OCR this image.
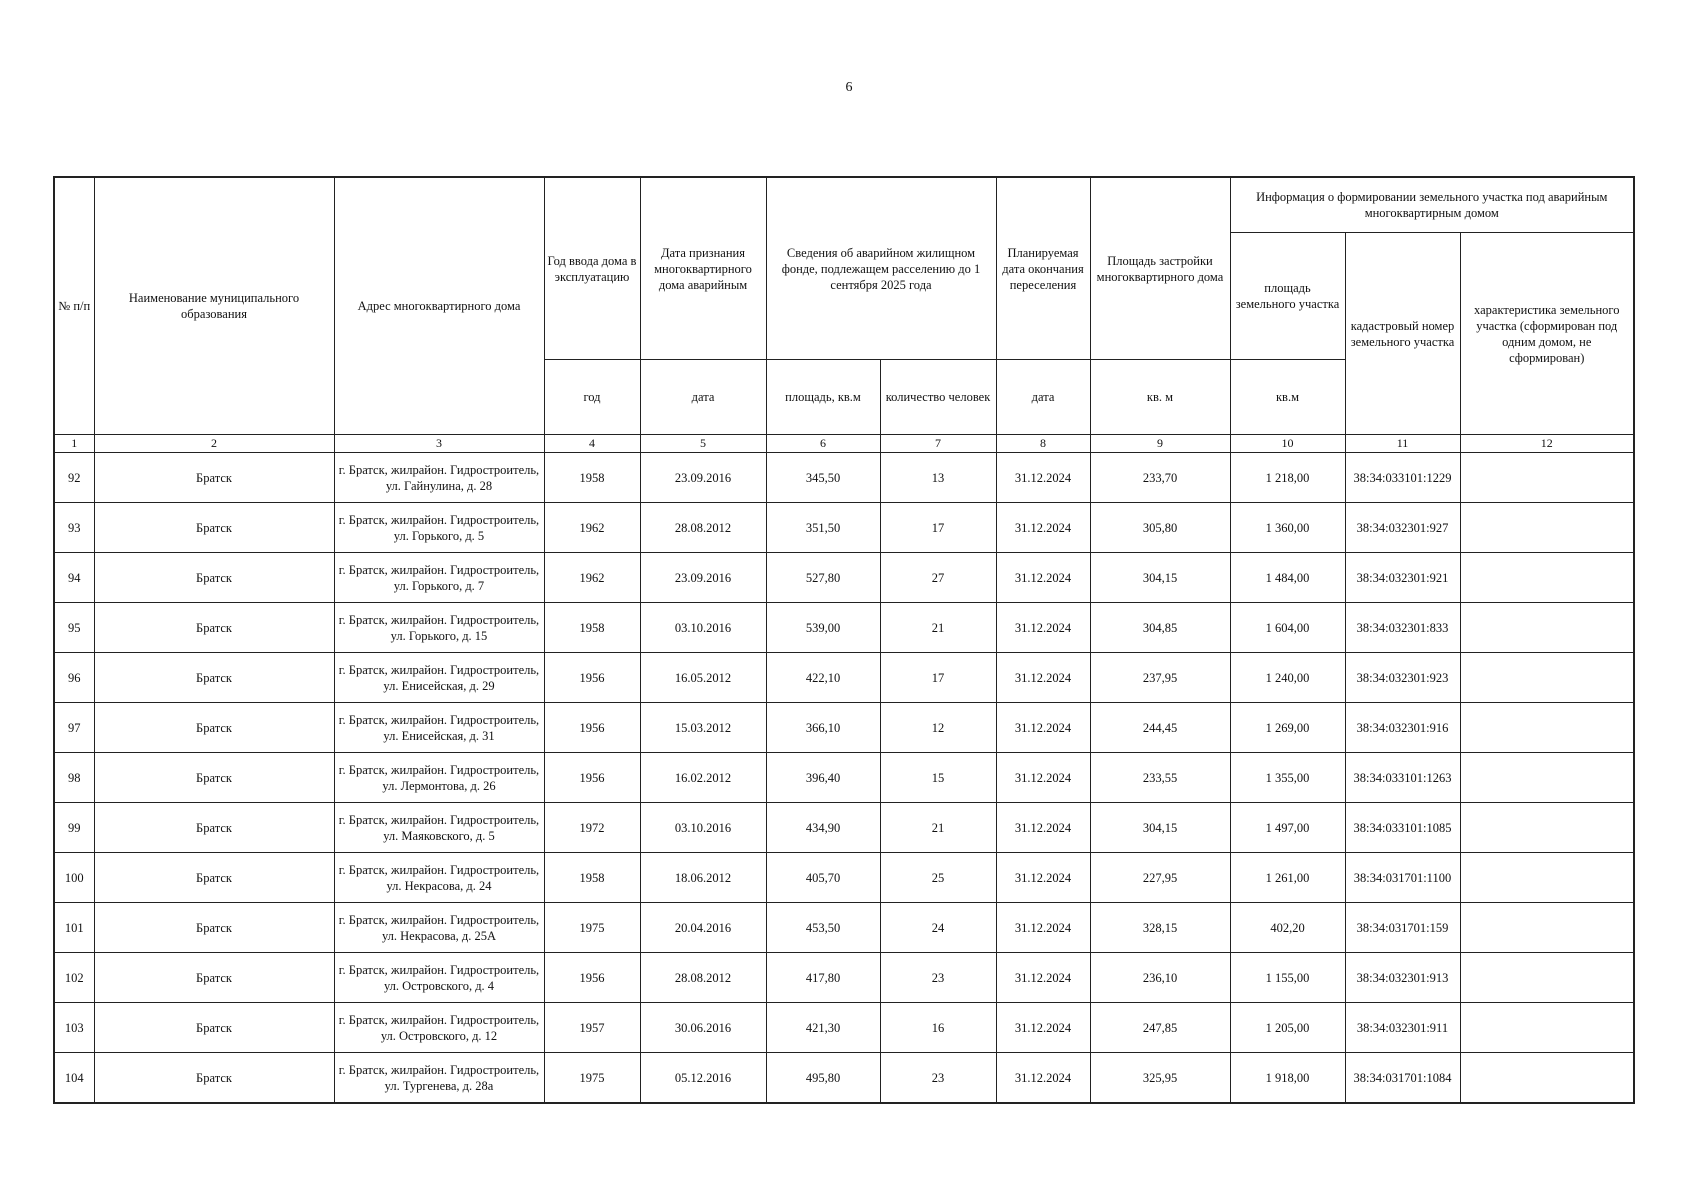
6
№ п/п	Наименование муниципального образования	Адрес многоквартирного дома	Год ввода дома в эксплуатацию	Дата признания многоквартирного дома аварийным	Сведения об аварийном жилищном фонде, подлежащем расселению до 1 сентября 2025 года		Планируемая дата окончания переселения	Площадь застройки многоквартирного дома	Информация о формировании земельного участка под аварийным многоквартирным домом		
									площадь земельного участка	кадастровый номер земельного участка	характеристика земельного участка (сформирован под одним домом, не сформирован)
			год	дата	площадь, кв.м	количество человек	дата	кв. м	кв.м		
1	2	3	4	5	6	7	8	9	10	11	12
92	Братск	г. Братск, жилрайон. Гидростроитель, ул. Гайнулина, д. 28	1958	23.09.2016	345,50	13	31.12.2024	233,70	1 218,00	38:34:033101:1229	
93	Братск	г. Братск, жилрайон. Гидростроитель, ул. Горького, д. 5	1962	28.08.2012	351,50	17	31.12.2024	305,80	1 360,00	38:34:032301:927	
94	Братск	г. Братск, жилрайон. Гидростроитель, ул. Горького, д. 7	1962	23.09.2016	527,80	27	31.12.2024	304,15	1 484,00	38:34:032301:921	
95	Братск	г. Братск, жилрайон. Гидростроитель, ул. Горького, д. 15	1958	03.10.2016	539,00	21	31.12.2024	304,85	1 604,00	38:34:032301:833	
96	Братск	г. Братск, жилрайон. Гидростроитель, ул. Енисейская, д. 29	1956	16.05.2012	422,10	17	31.12.2024	237,95	1 240,00	38:34:032301:923	
97	Братск	г. Братск, жилрайон. Гидростроитель, ул. Енисейская, д. 31	1956	15.03.2012	366,10	12	31.12.2024	244,45	1 269,00	38:34:032301:916	
98	Братск	г. Братск, жилрайон. Гидростроитель, ул. Лермонтова, д. 26	1956	16.02.2012	396,40	15	31.12.2024	233,55	1 355,00	38:34:033101:1263	
99	Братск	г. Братск, жилрайон. Гидростроитель, ул. Маяковского, д. 5	1972	03.10.2016	434,90	21	31.12.2024	304,15	1 497,00	38:34:033101:1085	
100	Братск	г. Братск, жилрайон. Гидростроитель, ул. Некрасова, д. 24	1958	18.06.2012	405,70	25	31.12.2024	227,95	1 261,00	38:34:031701:1100	
101	Братск	г. Братск, жилрайон. Гидростроитель, ул. Некрасова, д. 25А	1975	20.04.2016	453,50	24	31.12.2024	328,15	402,20	38:34:031701:159	
102	Братск	г. Братск, жилрайон. Гидростроитель, ул. Островского, д. 4	1956	28.08.2012	417,80	23	31.12.2024	236,10	1 155,00	38:34:032301:913	
103	Братск	г. Братск, жилрайон. Гидростроитель, ул. Островского, д. 12	1957	30.06.2016	421,30	16	31.12.2024	247,85	1 205,00	38:34:032301:911	
104	Братск	г. Братск, жилрайон. Гидростроитель, ул. Тургенева, д. 28а	1975	05.12.2016	495,80	23	31.12.2024	325,95	1 918,00	38:34:031701:1084	
